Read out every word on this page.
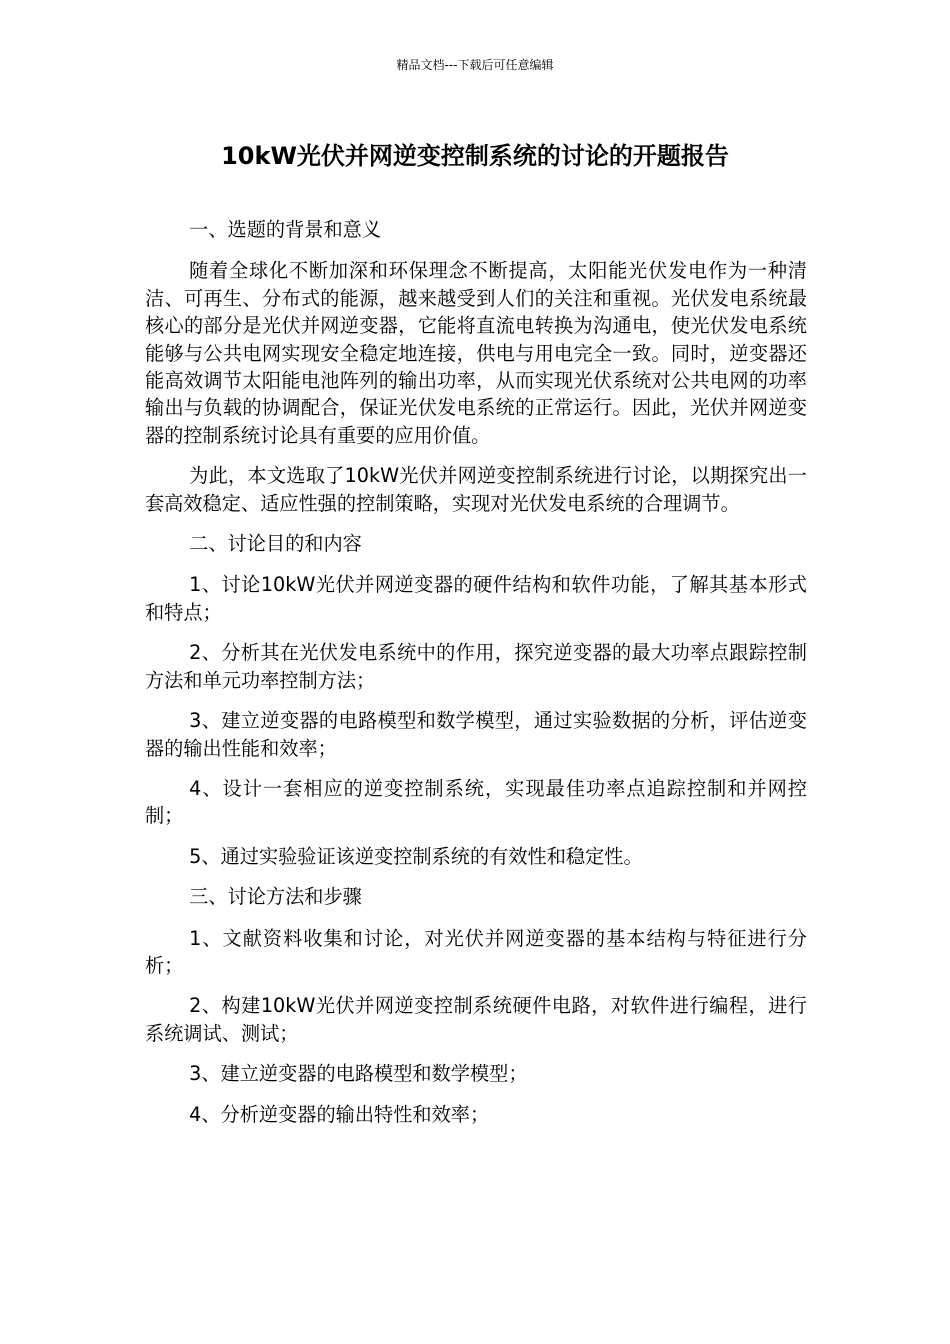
精品文档---下载后可任意编辑
10kW光伏并网逆变控制系统的讨论的开题报告

一、选题的背景和意义

随着全球化不断加深和环保理念不断提高，太阳能光伏发电作为一种清洁、可再生、分布式的能源，越来越受到人们的关注和重视。光伏发电系统最核心的部分是光伏并网逆变器，它能将直流电转换为沟通电，使光伏发电系统能够与公共电网实现安全稳定地连接，供电与用电完全一致。同时，逆变器还能高效调节太阳能电池阵列的输出功率，从而实现光伏系统对公共电网的功率输出与负载的协调配合，保证光伏发电系统的正常运行。因此，光伏并网逆变器的控制系统讨论具有重要的应用价值。

为此，本文选取了10kW光伏并网逆变控制系统进行讨论，以期探究出一套高效稳定、适应性强的控制策略，实现对光伏发电系统的合理调节。

二、讨论目的和内容

1、讨论10kW光伏并网逆变器的硬件结构和软件功能，了解其基本形式和特点；

2、分析其在光伏发电系统中的作用，探究逆变器的最大功率点跟踪控制方法和单元功率控制方法；

3、建立逆变器的电路模型和数学模型，通过实验数据的分析，评估逆变器的输出性能和效率；

4、设计一套相应的逆变控制系统，实现最佳功率点追踪控制和并网控制；

5、通过实验验证该逆变控制系统的有效性和稳定性。

三、讨论方法和步骤

1、文献资料收集和讨论，对光伏并网逆变器的基本结构与特征进行分析；

2、构建10kW光伏并网逆变控制系统硬件电路，对软件进行编程，进行系统调试、测试；

3、建立逆变器的电路模型和数学模型；

4、分析逆变器的输出特性和效率；
